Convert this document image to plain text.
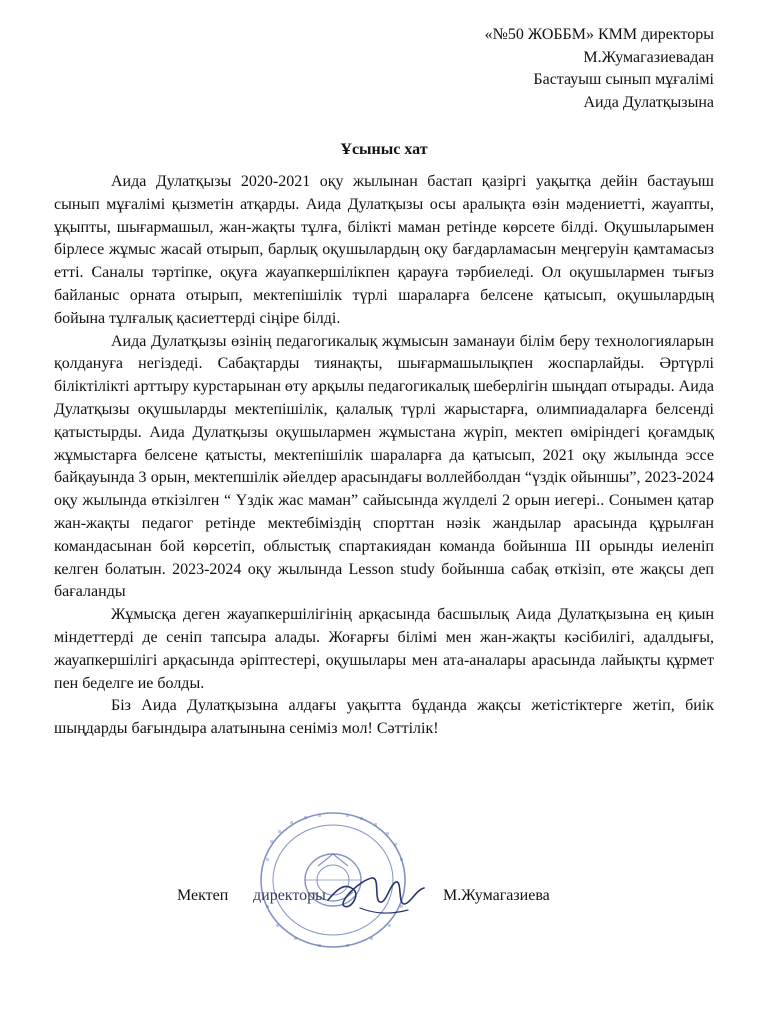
«№50 ЖОББМ» КММ директоры
М.Жумагазиевадан
Бастауыш сынып мұғалімі
Аида Дулатқызына
Ұсыныс хат

Аида Дулатқызы 2020-2021 оқу жылынан бастап қазіргі уақытқа дейін бастауыш сынып мұғалімі қызметін атқарды. Аида Дулатқызы осы аралықта өзін мәдениетті, жауапты, ұқыпты, шығармашыл, жан-жақты тұлға, білікті маман ретінде көрсете білді. Оқушыларымен бірлесе жұмыс жасай отырып, барлық оқушылардың оқу бағдарламасын меңгеруін қамтамасыз етті. Саналы тәртіпке, оқуға жауапкершілікпен қарауға тәрбиеледі. Ол оқушылармен тығыз байланыс орната отырып, мектепішілік түрлі шараларға белсене қатысып, оқушылардың бойына тұлғалық қасиеттерді сіңіре білді.

Аида Дулатқызы өзінің педагогикалық жұмысын заманауи білім беру технологияларын қолдануға негіздеді. Сабақтарды тиянақты, шығармашылықпен жоспарлайды. Әртүрлі біліктілікті арттыру курстарынан өту арқылы педагогикалық шеберлігін шыңдап отырады. Аида Дулатқызы оқушыларды мектепішілік, қалалық түрлі жарыстарға, олимпиадаларға белсенді қатыстырды. Аида Дулатқызы оқушылармен жұмыстана жүріп, мектеп өміріндегі қоғамдық жұмыстарға белсене қатысты, мектепішілік шараларға да қатысып, 2021 оқу жылында эссе байқауында 3 орын, мектепшілік әйелдер арасындағы воллейболдан “үздік ойыншы”, 2023-2024 оқу жылында өткізілген “ Үздік жас маман” сайысында жүлделі 2 орын иегері.. Сонымен қатар жан-жақты педагог ретінде мектебіміздің спорттан нәзік жандылар арасында құрылған командасынан бой көрсетіп, облыстық спартакиядан команда бойынша ІІІ орынды иеленіп келген болатын. 2023-2024 оқу жылында Lesson study бойынша сабақ өткізіп, өте жақсы деп бағаланды

Жұмысқа деген жауапкершілігінің арқасында басшылық Аида Дулатқызына ең қиын міндеттерді де сеніп тапсыра алады. Жоғарғы білімі мен жан-жақты кәсібилігі, адалдығы, жауапкершілігі арқасында әріптестері, оқушылары мен ата-аналары арасында лайықты құрмет пен беделге ие болды.

Біз Аида Дулатқызына алдағы уақытта бұданда жақсы жетістіктерге жетіп, биік шыңдарды бағындыра алатынына сеніміз мол! Сәттілік!

Мектеп директоры	М.Жумагазиева
